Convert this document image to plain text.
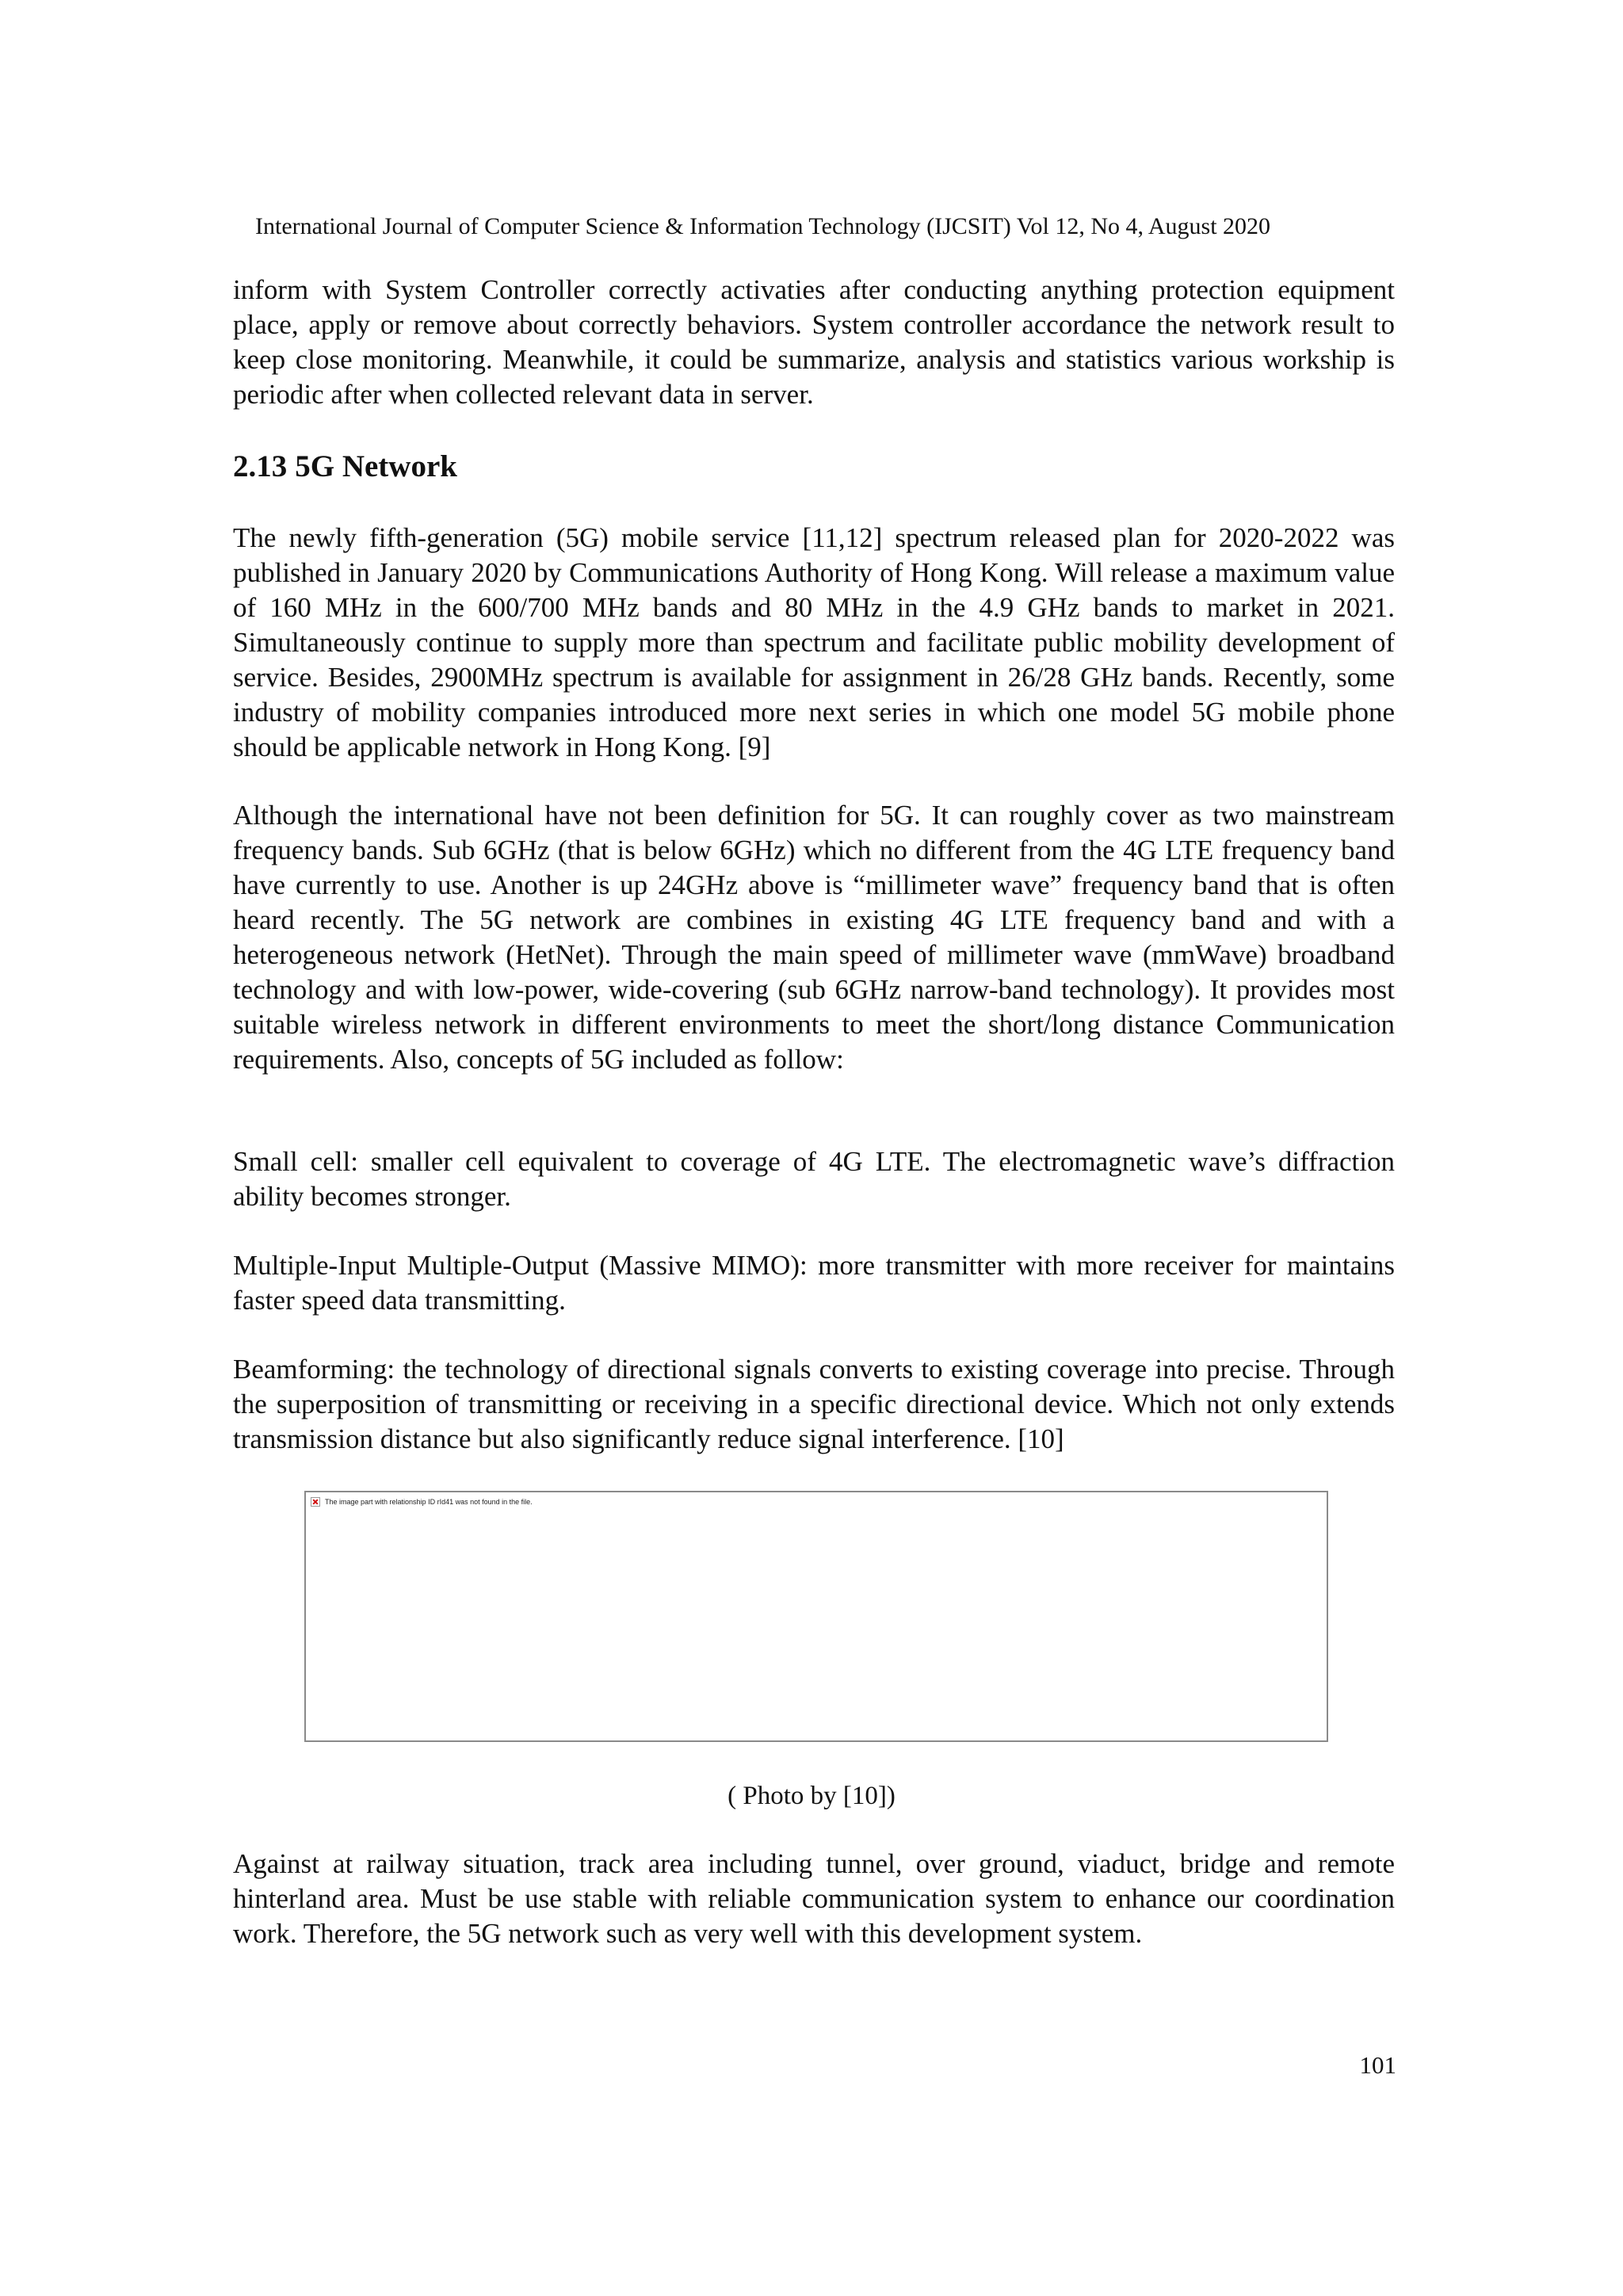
International Journal of Computer Science & Information Technology (IJCSIT) Vol 12, No 4, August 2020

inform with System Controller correctly activaties after conducting anything protection equipment place, apply or remove about correctly behaviors. System controller accordance the network result to keep close monitoring. Meanwhile, it could be summarize, analysis and statistics various workship is periodic after when collected relevant data in server.

2.13 5G Network

The newly fifth-generation (5G) mobile service [11,12] spectrum released plan for 2020-2022 was published in January 2020 by Communications Authority of Hong Kong. Will release a maximum value of 160 MHz in the 600/700 MHz bands and 80 MHz in the 4.9 GHz bands to market in 2021. Simultaneously continue to supply more than spectrum and facilitate public mobility development of service. Besides, 2900MHz spectrum is available for assignment in 26/28 GHz bands. Recently, some industry of mobility companies introduced more next series in which one model 5G mobile phone should be applicable network in Hong Kong. [9]

Although the international have not been definition for 5G. It can roughly cover as two mainstream frequency bands. Sub 6GHz (that is below 6GHz) which no different from the 4G LTE frequency band have currently to use. Another is up 24GHz above is “millimeter wave” frequency band that is often heard recently. The 5G network are combines in existing 4G LTE frequency band and with a heterogeneous network (HetNet). Through the main speed of millimeter wave (mmWave) broadband technology and with low-power, wide-covering (sub 6GHz narrow-band technology). It provides most suitable wireless network in different environments to meet the short/long distance Communication requirements. Also, concepts of 5G included as follow:

Small cell: smaller cell equivalent to coverage of 4G LTE. The electromagnetic wave’s diffraction ability becomes stronger.

Multiple-Input Multiple-Output (Massive MIMO): more transmitter with more receiver for maintains faster speed data transmitting.

Beamforming: the technology of directional signals converts to existing coverage into precise. Through the superposition of transmitting or receiving in a specific directional device. Which not only extends transmission distance but also significantly reduce signal interference. [10]

The image part with relationship ID rId41 was not found in the file.
( Photo by [10])

Against at railway situation, track area including tunnel, over ground, viaduct, bridge and remote hinterland area. Must be use stable with reliable communication system to enhance our coordination work. Therefore, the 5G network such as very well with this development system.

101
